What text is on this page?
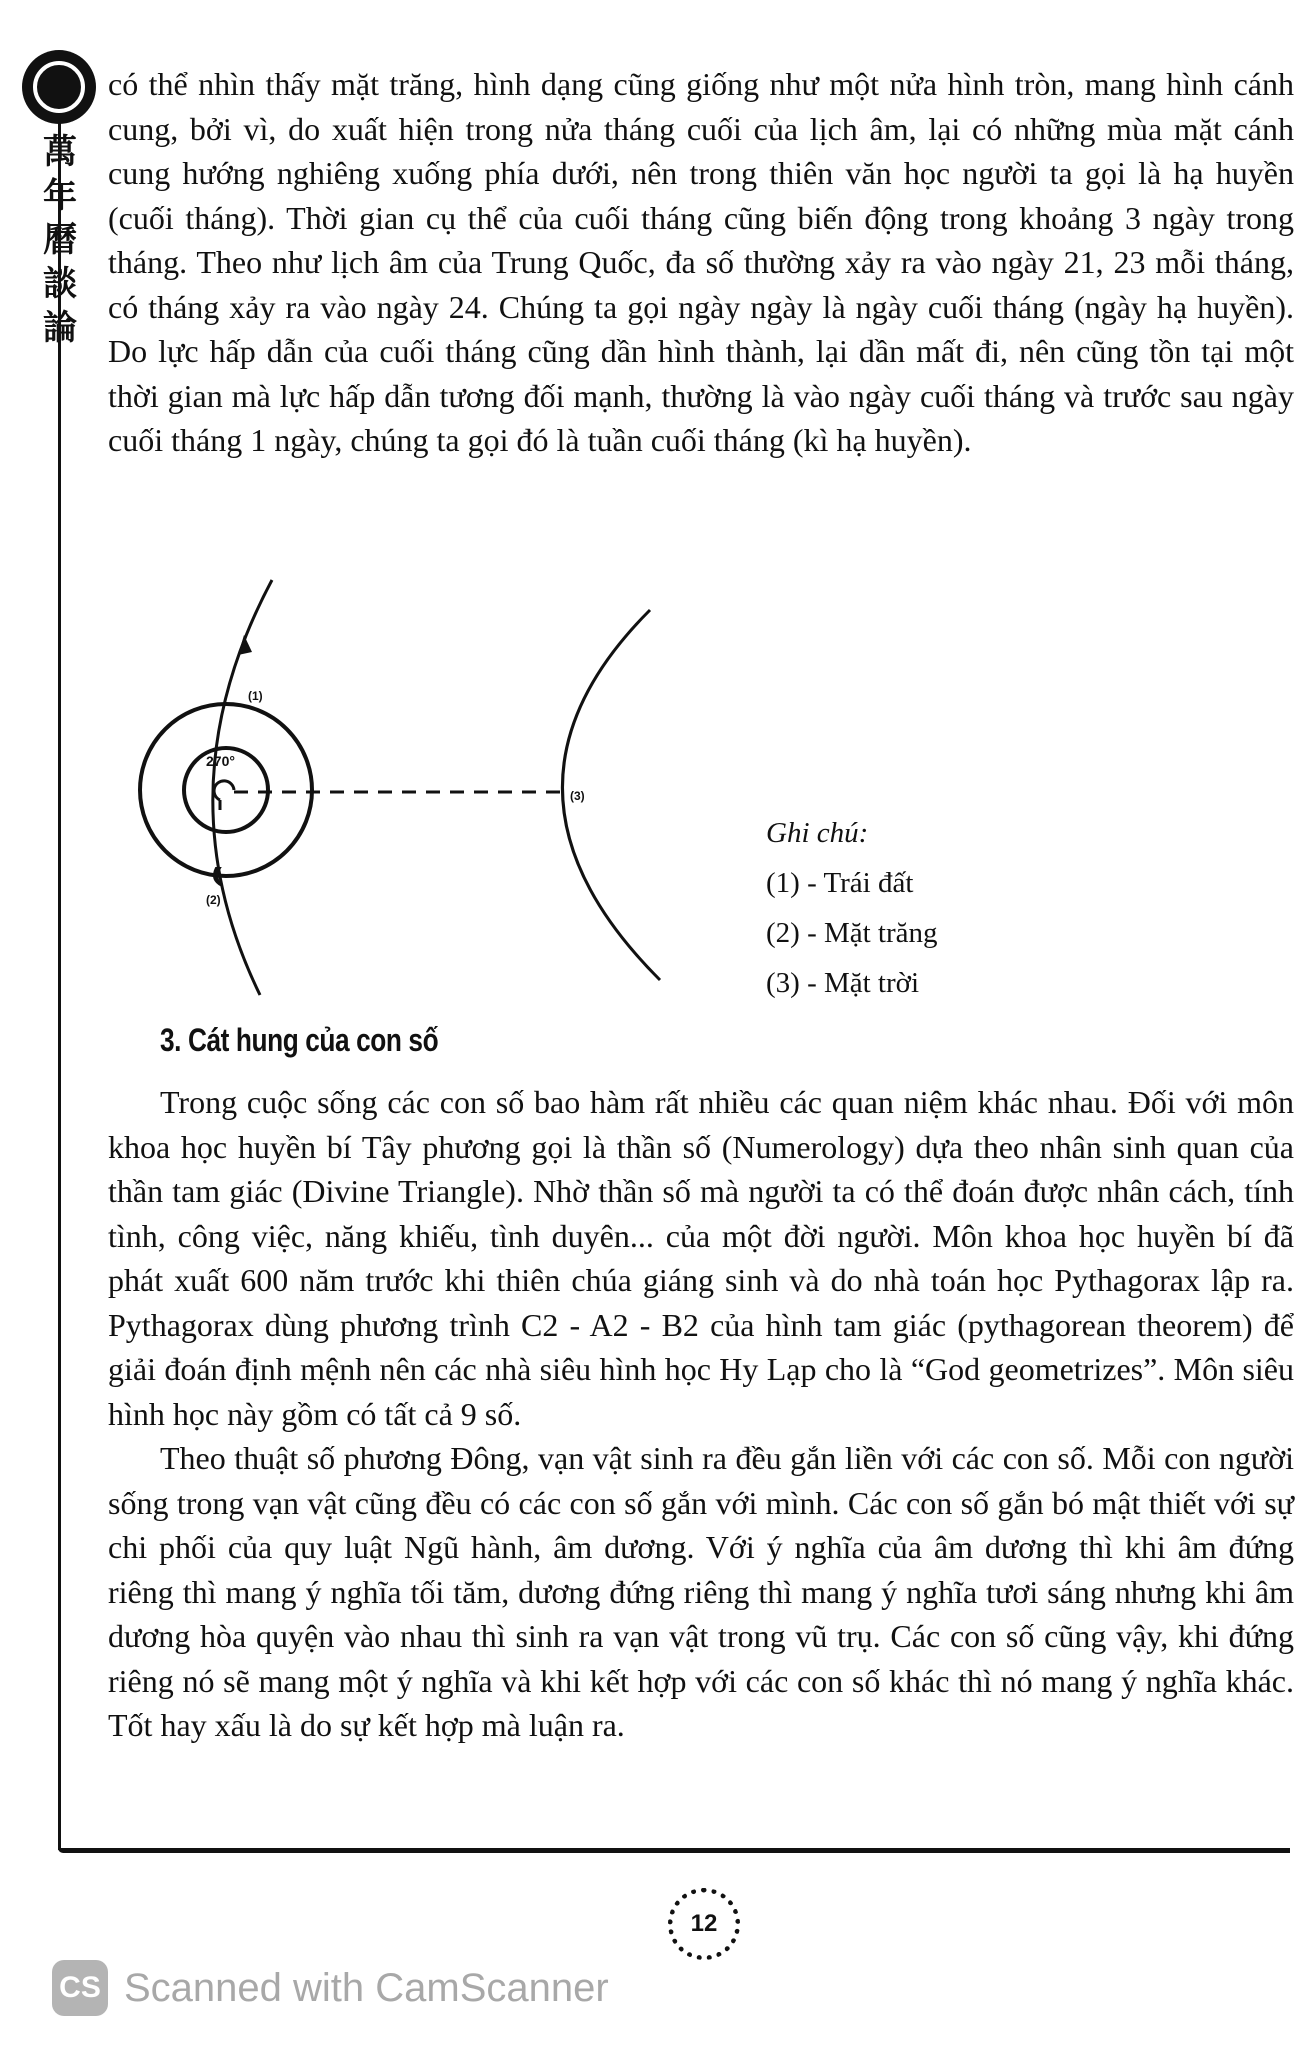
萬
年
曆
談
論

có thể nhìn thấy mặt trăng, hình dạng cũng giống như một nửa hình tròn, mang hình cánh cung, bởi vì, do xuất hiện trong nửa tháng cuối của lịch âm, lại có những mùa mặt cánh cung hướng nghiêng xuống phía dưới, nên trong thiên văn học người ta gọi là hạ huyền (cuối tháng). Thời gian cụ thể của cuối tháng cũng biến động trong khoảng 3 ngày trong tháng. Theo như lịch âm của Trung Quốc, đa số thường xảy ra vào ngày 21, 23 mỗi tháng, có tháng xảy ra vào ngày 24. Chúng ta gọi ngày ngày là ngày cuối tháng (ngày hạ huyền). Do lực hấp dẫn của cuối tháng cũng dần hình thành, lại dần mất đi, nên cũng tồn tại một thời gian mà lực hấp dẫn tương đối mạnh, thường là vào ngày cuối tháng và trước sau ngày cuối tháng 1 ngày, chúng ta gọi đó là tuần cuối tháng (kì hạ huyền).

270°
(1)
(2)
(3)
Ghi chú:
(1) - Trái đất
(2) - Mặt trăng
(3) - Mặt trời
3. Cát hung của con số

Trong cuộc sống các con số bao hàm rất nhiều các quan niệm khác nhau. Đối với môn khoa học huyền bí Tây phương gọi là thần số (Numerology) dựa theo nhân sinh quan của thần tam giác (Divine Triangle). Nhờ thần số mà người ta có thể đoán được nhân cách, tính tình, công việc, năng khiếu, tình duyên... của một đời người. Môn khoa học huyền bí đã phát xuất 600 năm trước khi thiên chúa giáng sinh và do nhà toán học Pythagorax lập ra. Pythagorax dùng phương trình C2 - A2 - B2 của hình tam giác (pythagorean theorem) để giải đoán định mệnh nên các nhà siêu hình học Hy Lạp cho là “God geometrizes”. Môn siêu hình học này gồm có tất cả 9 số.

Theo thuật số phương Đông, vạn vật sinh ra đều gắn liền với các con số. Mỗi con người sống trong vạn vật cũng đều có các con số gắn với mình. Các con số gắn bó mật thiết với sự chi phối của quy luật Ngũ hành, âm dương. Với ý nghĩa của âm dương thì khi âm đứng riêng thì mang ý nghĩa tối tăm, dương đứng riêng thì mang ý nghĩa tươi sáng nhưng khi âm dương hòa quyện vào nhau thì sinh ra vạn vật trong vũ trụ. Các con số cũng vậy, khi đứng riêng nó sẽ mang một ý nghĩa và khi kết hợp với các con số khác thì nó mang ý nghĩa khác. Tốt hay xấu là do sự kết hợp mà luận ra.

12
CS Scanned with CamScanner
